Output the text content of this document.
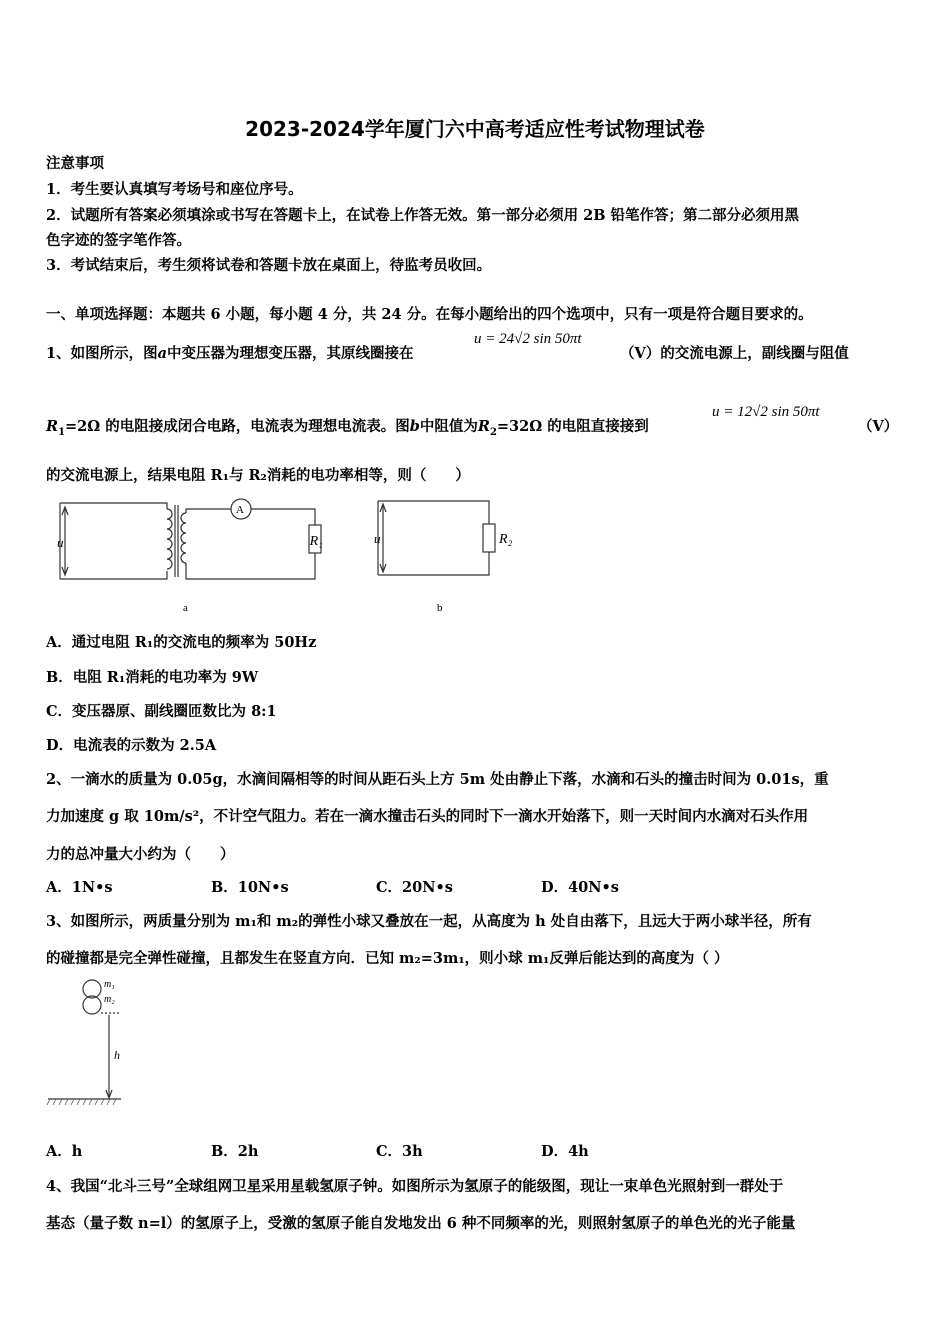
2023-2024学年厦门六中高考适应性考试物理试卷
注意事项
1．考生要认真填写考场号和座位序号。
2．试题所有答案必须填涂或书写在答题卡上，在试卷上作答无效。第一部分必须用 2B 铅笔作答；第二部分必须用黑
色字迹的签字笔作答。
3．考试结束后，考生须将试卷和答题卡放在桌面上，待监考员收回。
一、单项选择题：本题共 6 小题，每小题 4 分，共 24 分。在每小题给出的四个选项中，只有一项是符合题目要求的。
1、如图所示，图a中变压器为理想变压器，其原线圈接在
u = 24√2 sin 50πt
（V）的交流电源上，副线圈与阻值
$R_1=2\Omega$ 的电阻接成闭合电路，电流表为理想电流表。图b中阻值为$R_2=32\Omega$ 的电阻直接接到
u = 12√2 sin 50πt
（V）
的交流电源上，结果电阻 R₁与 R₂消耗的电功率相等，则（　　）
u
A
R₁
a
u	R₂
b
A．通过电阻 R₁的交流电的频率为 50Hz
B．电阻 R₁消耗的电功率为 9W
C．变压器原、副线圈匝数比为 8:1
D．电流表的示数为 2.5A
2、一滴水的质量为 0.05g，水滴间隔相等的时间从距石头上方 5m 处由静止下落，水滴和石头的撞击时间为 0.01s，重
力加速度 g 取 10m/s²，不计空气阻力。若在一滴水撞击石头的同时下一滴水开始落下，则一天时间内水滴对石头作用
力的总冲量大小约为（　　）
A．1N•s	B．10N•s	C．20N•s	D．40N•s
3、如图所示，两质量分别为 m₁和 m₂的弹性小球又叠放在一起，从高度为 h 处自由落下，且远大于两小球半径，所有
的碰撞都是完全弹性碰撞，且都发生在竖直方向．已知 m₂=3m₁，则小球 m₁反弹后能达到的高度为（ ）
m₁
m₂
h
A．h	B．2h	C．3h	D．4h
4、我国“北斗三号”全球组网卫星采用星载氢原子钟。如图所示为氢原子的能级图，现让一束单色光照射到一群处于
基态（量子数 n=l）的氢原子上，受激的氢原子能自发地发出 6 种不同频率的光，则照射氢原子的单色光的光子能量
